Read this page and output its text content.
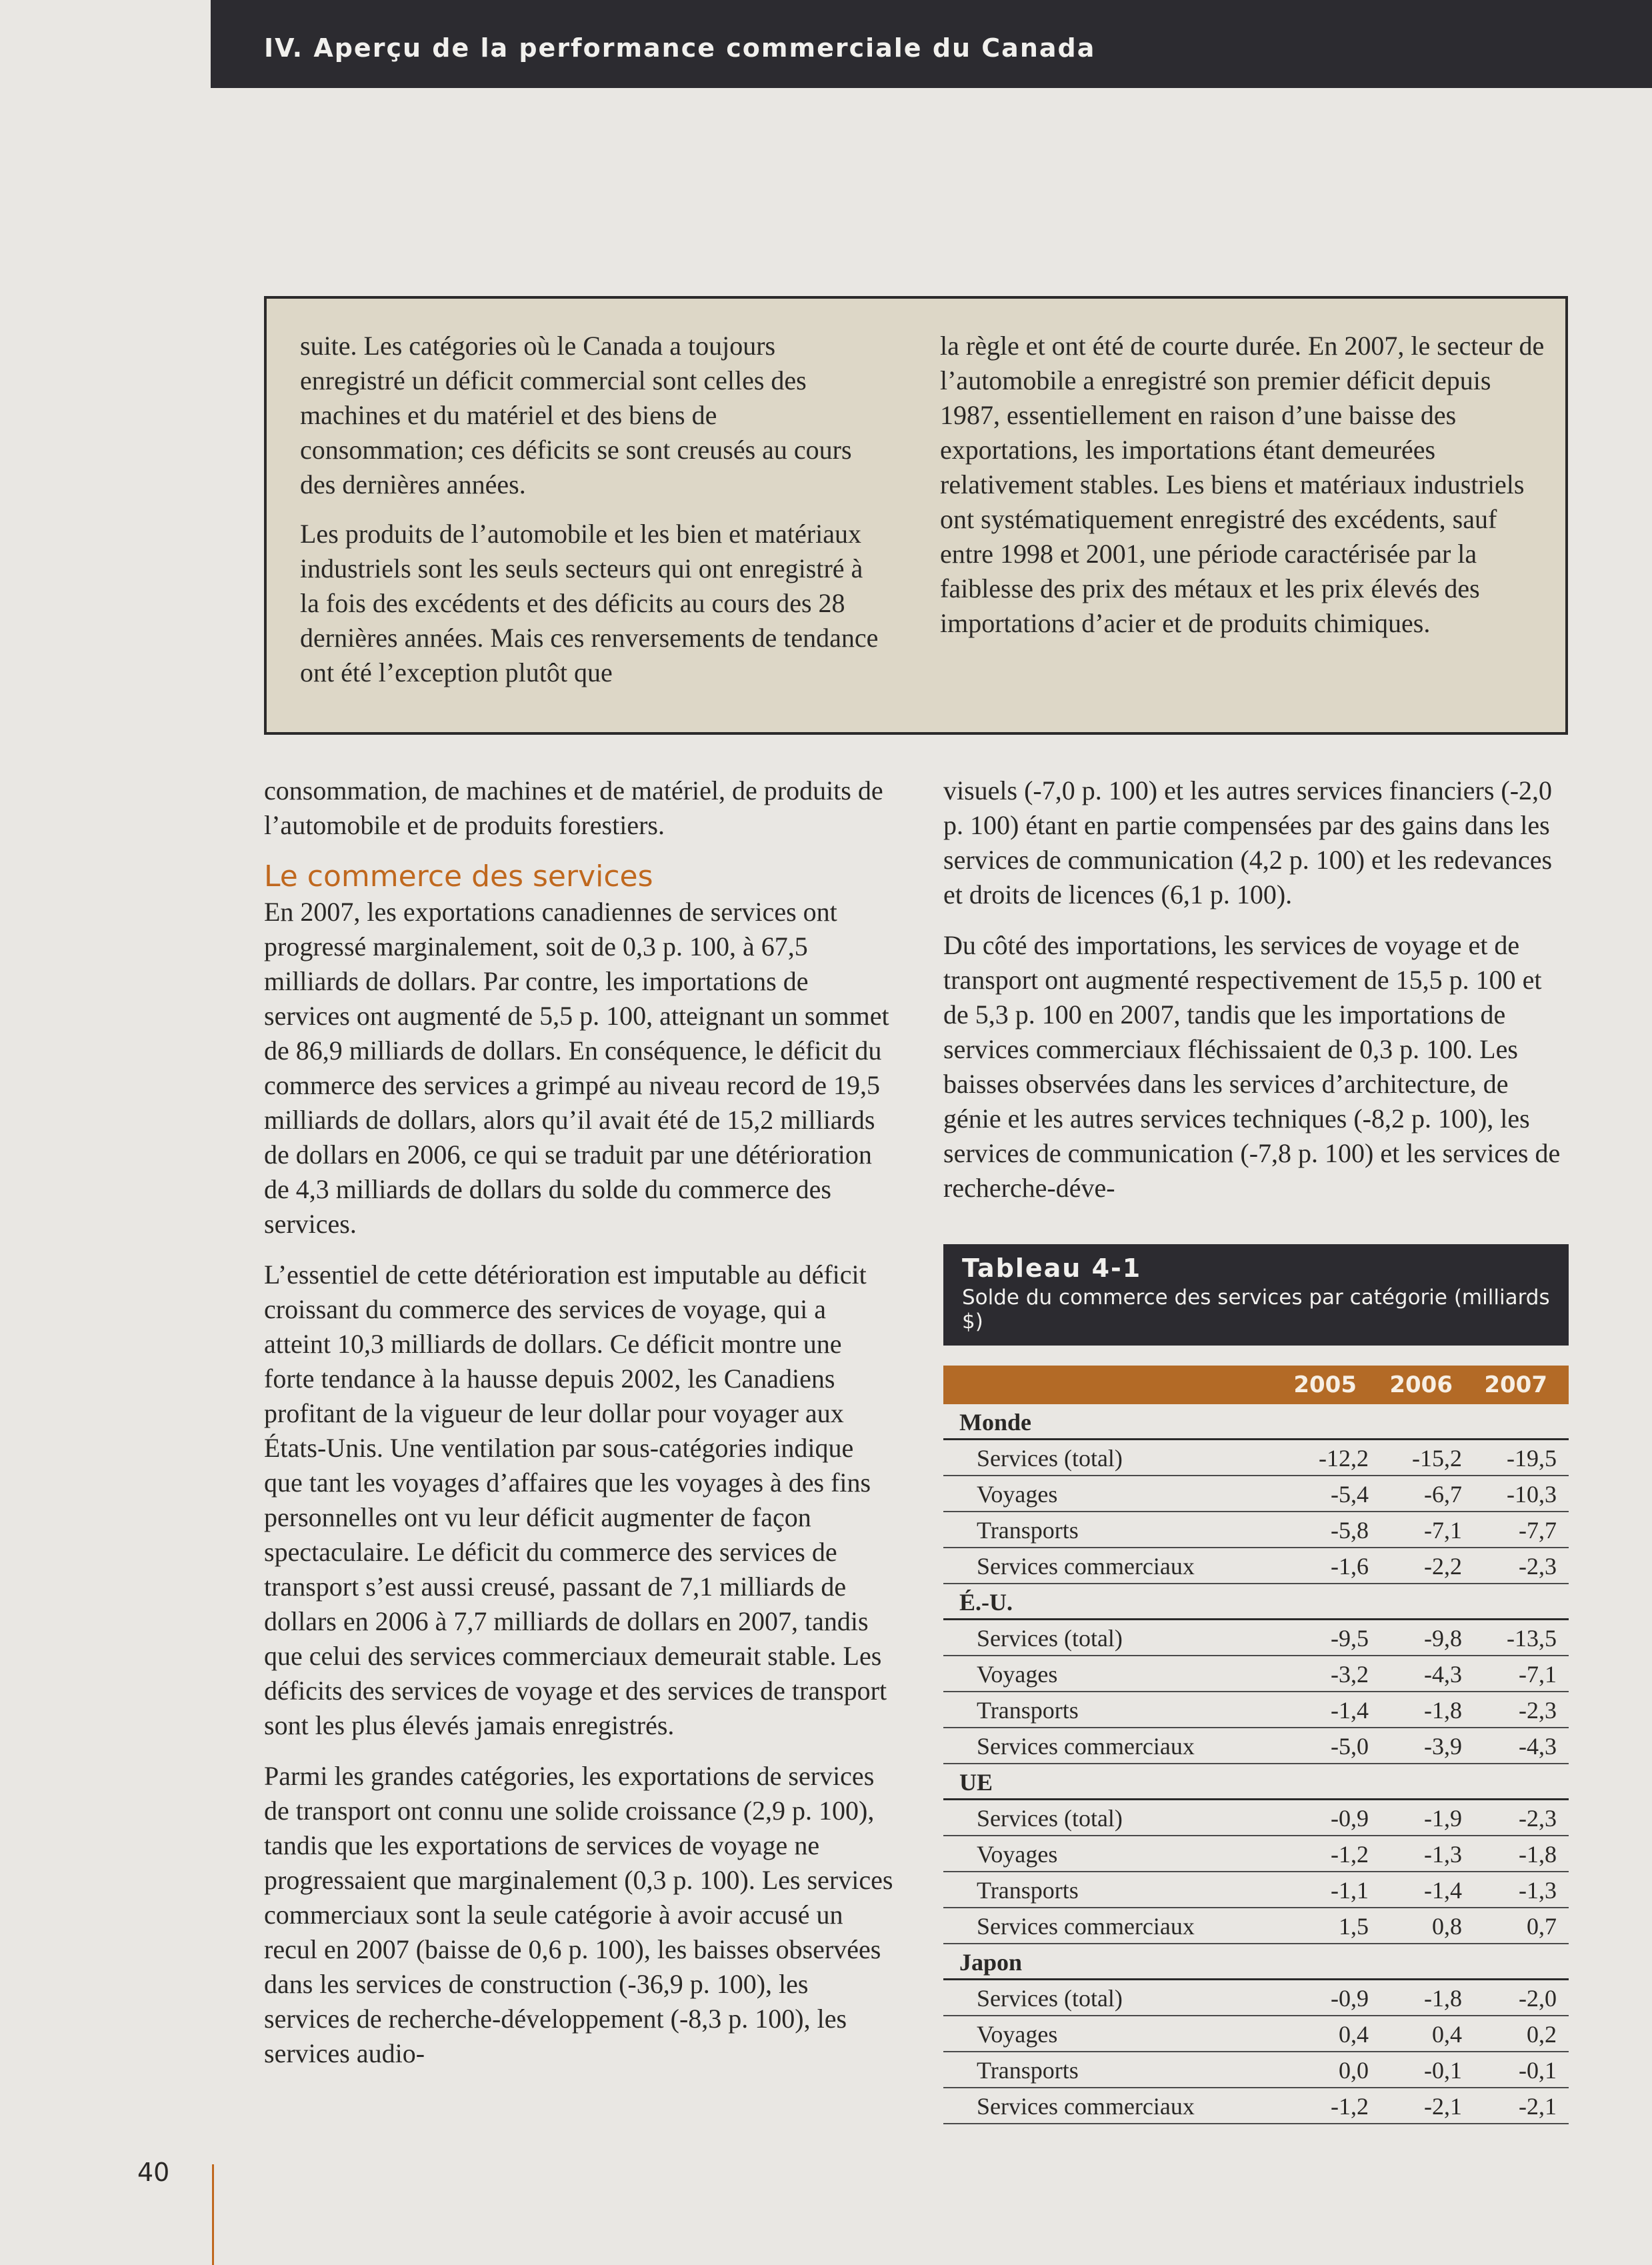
IV. Aperçu de la performance commerciale du Canada

suite. Les catégories où le Canada a toujours enregistré un déficit commercial sont celles des machines et du matériel et des biens de consommation; ces déficits se sont creusés au cours des dernières années.

Les produits de l’automobile et les bien et matériaux industriels sont les seuls secteurs qui ont enregistré à la fois des excédents et des déficits au cours des 28 dernières années. Mais ces renversements de tendance ont été l’exception plutôt que

la règle et ont été de courte durée. En 2007, le secteur de l’automobile a enregistré son premier déficit depuis 1987, essentiellement en raison d’une baisse des exportations, les importations étant demeurées relativement stables. Les biens et matériaux industriels ont systématiquement enregistré des excédents, sauf entre 1998 et 2001, une période caractérisée par la faiblesse des prix des métaux et les prix élevés des importations d’acier et de produits chimiques.

consommation, de machines et de matériel, de produits de l’automobile et de produits forestiers.

Le commerce des services

En 2007, les exportations canadiennes de services ont progressé marginalement, soit de 0,3 p. 100, à 67,5 milliards de dollars. Par contre, les importations de services ont augmenté de 5,5 p. 100, atteignant un sommet de 86,9 milliards de dollars. En conséquence, le déficit du commerce des services a grimpé au niveau record de 19,5 milliards de dollars, alors qu’il avait été de 15,2 milliards de dollars en 2006, ce qui se traduit par une détérioration de 4,3 milliards de dollars du solde du commerce des services.

L’essentiel de cette détérioration est imputable au déficit croissant du commerce des services de voyage, qui a atteint 10,3 milliards de dollars. Ce déficit montre une forte tendance à la hausse depuis 2002, les Canadiens profitant de la vigueur de leur dollar pour voyager aux États-Unis. Une ventilation par sous-catégories indique que tant les voyages d’affaires que les voyages à des fins personnelles ont vu leur déficit augmenter de façon spectaculaire. Le déficit du commerce des services de transport s’est aussi creusé, passant de 7,1 milliards de dollars en 2006 à 7,7 milliards de dollars en 2007, tandis que celui des services commerciaux demeurait stable. Les déficits des services de voyage et des services de transport sont les plus élevés jamais enregistrés.

Parmi les grandes catégories, les exportations de services de transport ont connu une solide croissance (2,9 p. 100), tandis que les exportations de services de voyage ne progressaient que marginalement (0,3 p. 100). Les services commerciaux sont la seule catégorie à avoir accusé un recul en 2007 (baisse de 0,6 p. 100), les baisses observées dans les services de construction (-36,9 p. 100), les services de recherche-développement (-8,3 p. 100), les services audio-

visuels (-7,0 p. 100) et les autres services financiers (-2,0 p. 100) étant en partie compensées par des gains dans les services de communication (4,2 p. 100) et les redevances et droits de licences (6,1 p. 100).

Du côté des importations, les services de voyage et de transport ont augmenté respectivement de 15,5 p. 100 et de 5,3 p. 100 en 2007, tandis que les importations de services commerciaux fléchissaient de 0,3 p. 100. Les baisses observées dans les services d’architecture, de génie et les autres services techniques (-8,2 p. 100), les services de communication (-7,8 p. 100) et les services de recherche-déve-

Tableau 4-1
Solde du commerce des services par catégorie (milliards $)
2005 2006 2007
Monde
Services (total)	-12,2	-15,2	-19,5
Voyages	-5,4	-6,7	-10,3
Transports	-5,8	-7,1	-7,7
Services commerciaux	-1,6	-2,2	-2,3
É.-U.
Services (total)	-9,5	-9,8	-13,5
Voyages	-3,2	-4,3	-7,1
Transports	-1,4	-1,8	-2,3
Services commerciaux	-5,0	-3,9	-4,3
UE
Services (total)	-0,9	-1,9	-2,3
Voyages	-1,2	-1,3	-1,8
Transports	-1,1	-1,4	-1,3
Services commerciaux	1,5	0,8	0,7
Japon
Services (total)	-0,9	-1,8	-2,0
Voyages	0,4	0,4	0,2
Transports	0,0	-0,1	-0,1
Services commerciaux	-1,2	-2,1	-2,1
40
